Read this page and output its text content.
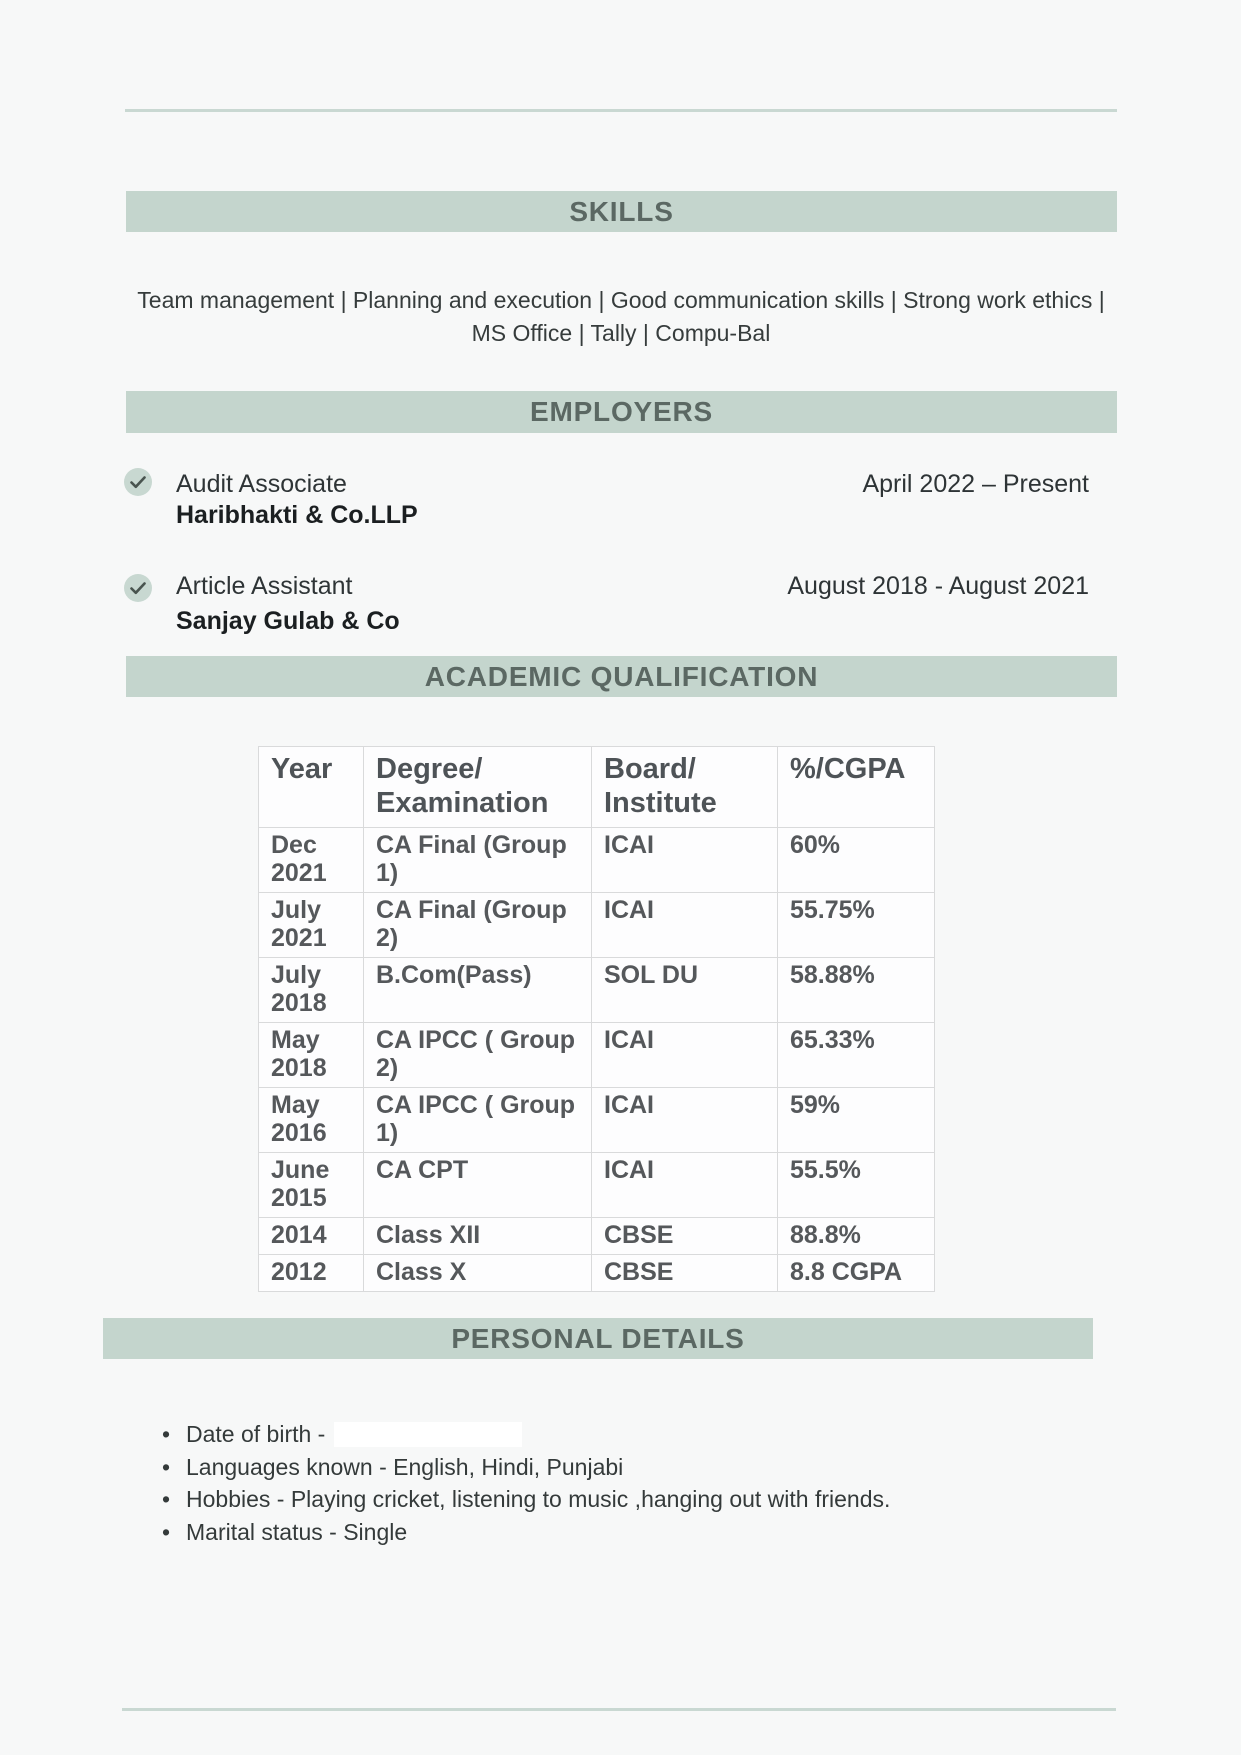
SKILLS
Team management | Planning and execution | Good communication skills | Strong work ethics | MS Office | Tally | Compu-Bal
EMPLOYERS
Audit Associate	April 2022 – Present
Haribhakti & Co.LLP
Article Assistant	August 2018 - August 2021
Sanjay Gulab & Co
ACADEMIC QUALIFICATION
Year	Degree/ Examination	Board/ Institute	%/CGPA
Dec 2021	CA Final (Group 1)	ICAI	60%
July 2021	CA Final (Group 2)	ICAI	55.75%
July 2018	B.Com(Pass)	SOL DU	58.88%
May 2018	CA IPCC ( Group 2)	ICAI	65.33%
May 2016	CA IPCC ( Group 1)	ICAI	59%
June 2015	CA CPT	ICAI	55.5%
2014	Class XII	CBSE	88.8%
2012	Class X	CBSE	8.8 CGPA
PERSONAL DETAILS
• Date of birth -
• Languages known - English, Hindi, Punjabi
• Hobbies - Playing cricket, listening to music ,hanging out with friends.
• Marital status - Single
